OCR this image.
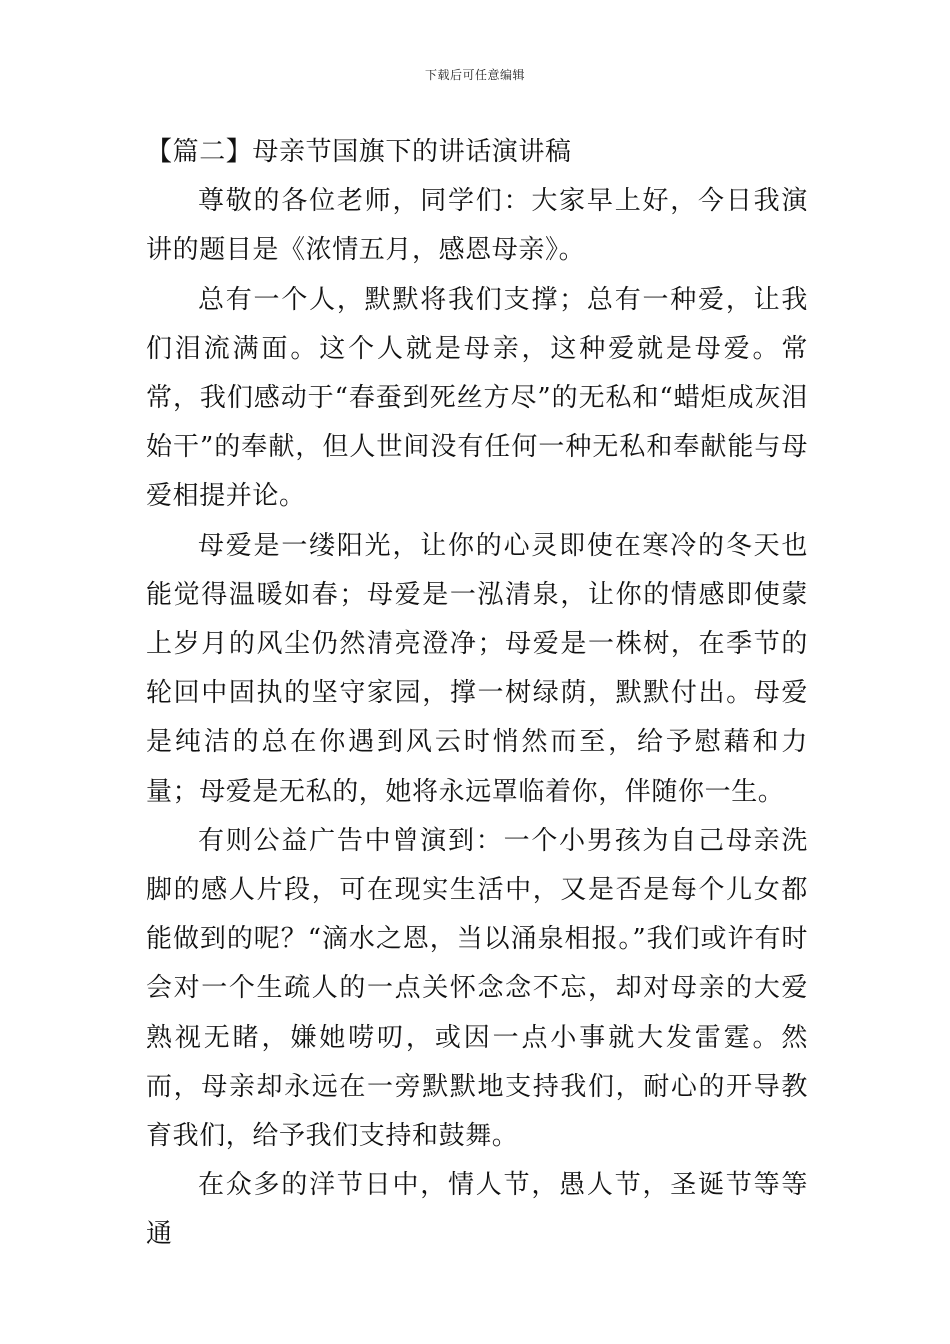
下载后可任意编辑
【篇二】母亲节国旗下的讲话演讲稿

尊敬的各位老师，同学们：大家早上好，今日我演讲的题目是《浓情五月，感恩母亲》。

总有一个人，默默将我们支撑；总有一种爱，让我们泪流满面。这个人就是母亲，这种爱就是母爱。常常，我们感动于“春蚕到死丝方尽”的无私和“蜡炬成灰泪始干”的奉献，但人世间没有任何一种无私和奉献能与母爱相提并论。

母爱是一缕阳光，让你的心灵即使在寒冷的冬天也能觉得温暖如春；母爱是一泓清泉，让你的情感即使蒙上岁月的风尘仍然清亮澄净；母爱是一株树，在季节的轮回中固执的坚守家园，撑一树绿荫，默默付出。母爱是纯洁的总在你遇到风云时悄然而至，给予慰藉和力量；母爱是无私的，她将永远罩临着你，伴随你一生。

有则公益广告中曾演到：一个小男孩为自己母亲洗脚的感人片段，可在现实生活中，又是否是每个儿女都能做到的呢？“滴水之恩，当以涌泉相报。”我们或许有时会对一个生疏人的一点关怀念念不忘，却对母亲的大爱熟视无睹，嫌她唠叨，或因一点小事就大发雷霆。然而，母亲却永远在一旁默默地支持我们，耐心的开导教育我们，给予我们支持和鼓舞。

在众多的洋节日中，情人节，愚人节，圣诞节等等通
